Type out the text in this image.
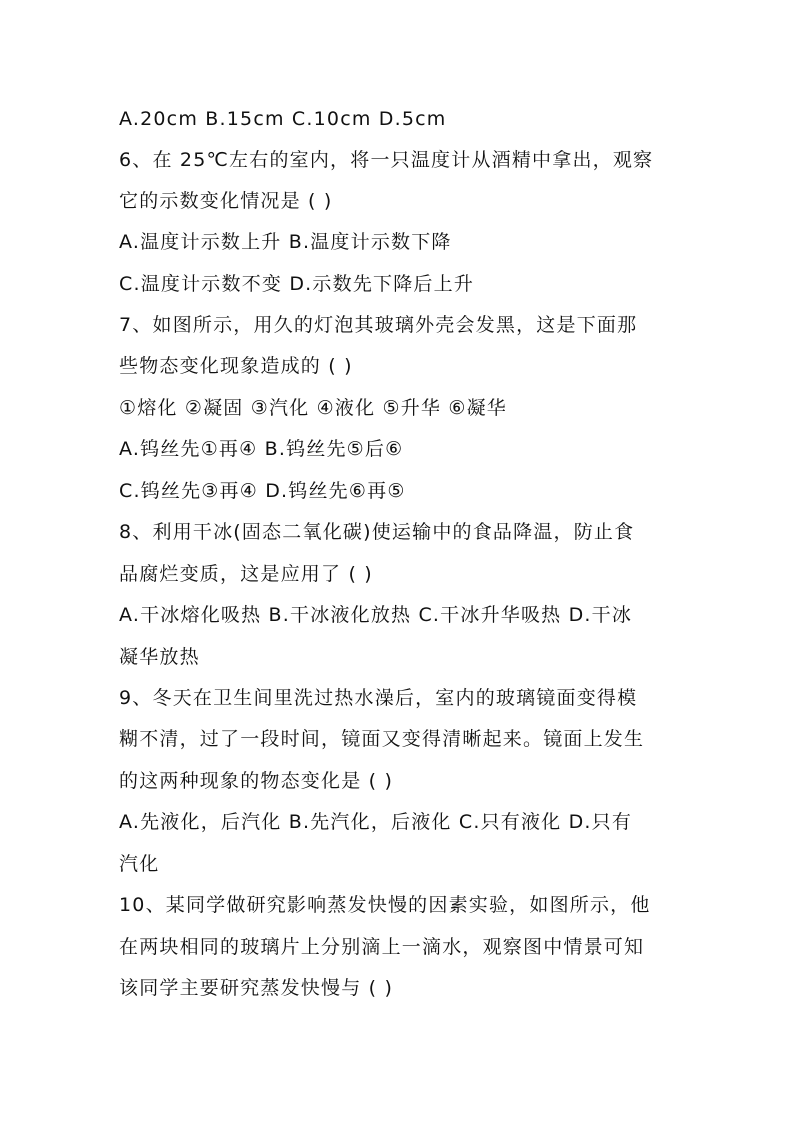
A.20cm B.15cm C.10cm D.5cm
6、在 25℃左右的室内，将一只温度计从酒精中拿出，观察
它的示数变化情况是 ( )
A.温度计示数上升 B.温度计示数下降
C.温度计示数不变 D.示数先下降后上升
7、如图所示，用久的灯泡其玻璃外壳会发黑，这是下面那
些物态变化现象造成的 ( )
①熔化 ②凝固 ③汽化 ④液化 ⑤升华 ⑥凝华
A.钨丝先①再④ B.钨丝先⑤后⑥
C.钨丝先③再④ D.钨丝先⑥再⑤
8、利用干冰(固态二氧化碳)使运输中的食品降温，防止食
品腐烂变质，这是应用了 ( )
A.干冰熔化吸热 B.干冰液化放热 C.干冰升华吸热 D.干冰
凝华放热
9、冬天在卫生间里洗过热水澡后，室内的玻璃镜面变得模
糊不清，过了一段时间，镜面又变得清晰起来。镜面上发生
的这两种现象的物态变化是 ( )
A.先液化，后汽化 B.先汽化，后液化 C.只有液化 D.只有
汽化
10、某同学做研究影响蒸发快慢的因素实验，如图所示，他
在两块相同的玻璃片上分别滴上一滴水，观察图中情景可知
该同学主要研究蒸发快慢与 ( )
